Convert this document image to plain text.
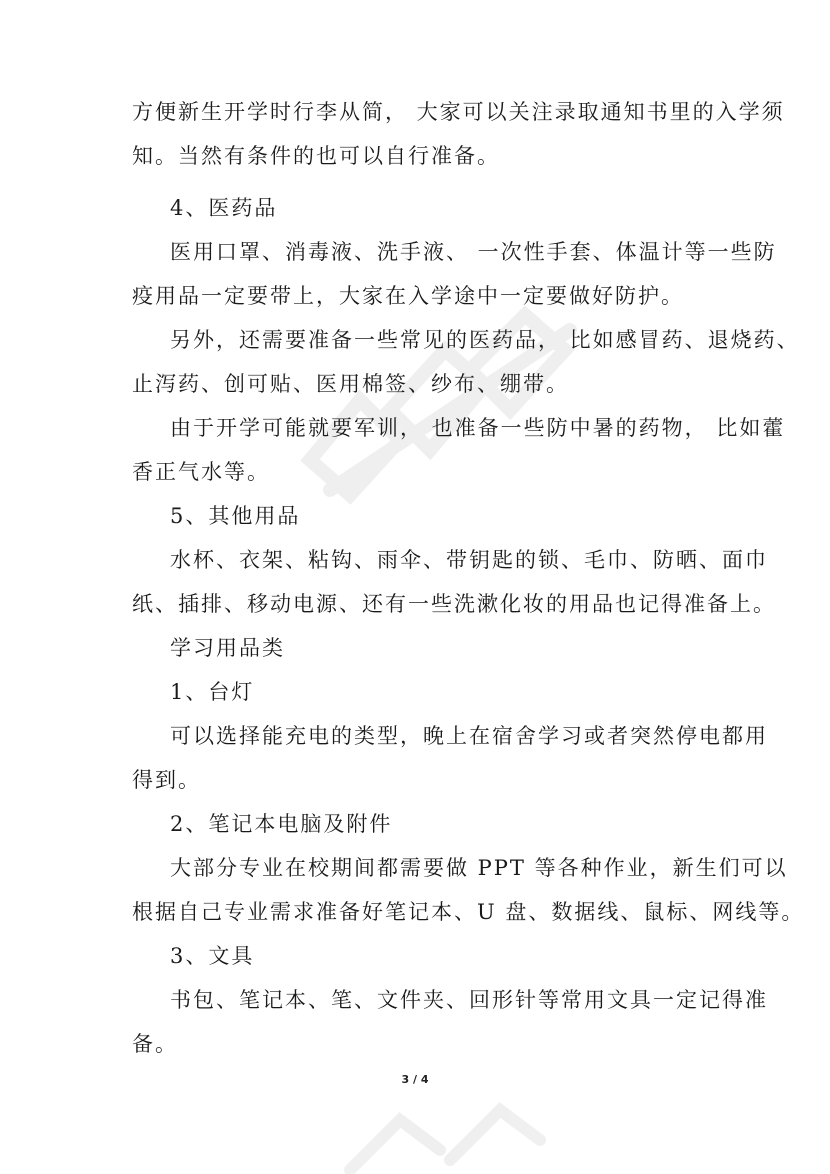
方便新生开学时行李从简， 大家可以关注录取通知书里的入学须
知。当然有条件的也可以自行准备。
4、医药品
医用口罩、消毒液、洗手液、 一次性手套、体温计等一些防
疫用品一定要带上，大家在入学途中一定要做好防护。
另外，还需要准备一些常见的医药品， 比如感冒药、退烧药、
止泻药、创可贴、医用棉签、纱布、绷带。
由于开学可能就要军训， 也准备一些防中暑的药物， 比如藿
香正气水等。
5、其他用品
水杯、衣架、粘钩、雨伞、带钥匙的锁、毛巾、防晒、面巾
纸、插排、移动电源、还有一些洗漱化妆的用品也记得准备上。
学习用品类
1、台灯
可以选择能充电的类型，晚上在宿舍学习或者突然停电都用
得到。
2、笔记本电脑及附件
大部分专业在校期间都需要做 PPT 等各种作业，新生们可以
根据自己专业需求准备好笔记本、U 盘、数据线、鼠标、网线等。
3、文具
书包、笔记本、笔、文件夹、回形针等常用文具一定记得准
备。
3 / 4
